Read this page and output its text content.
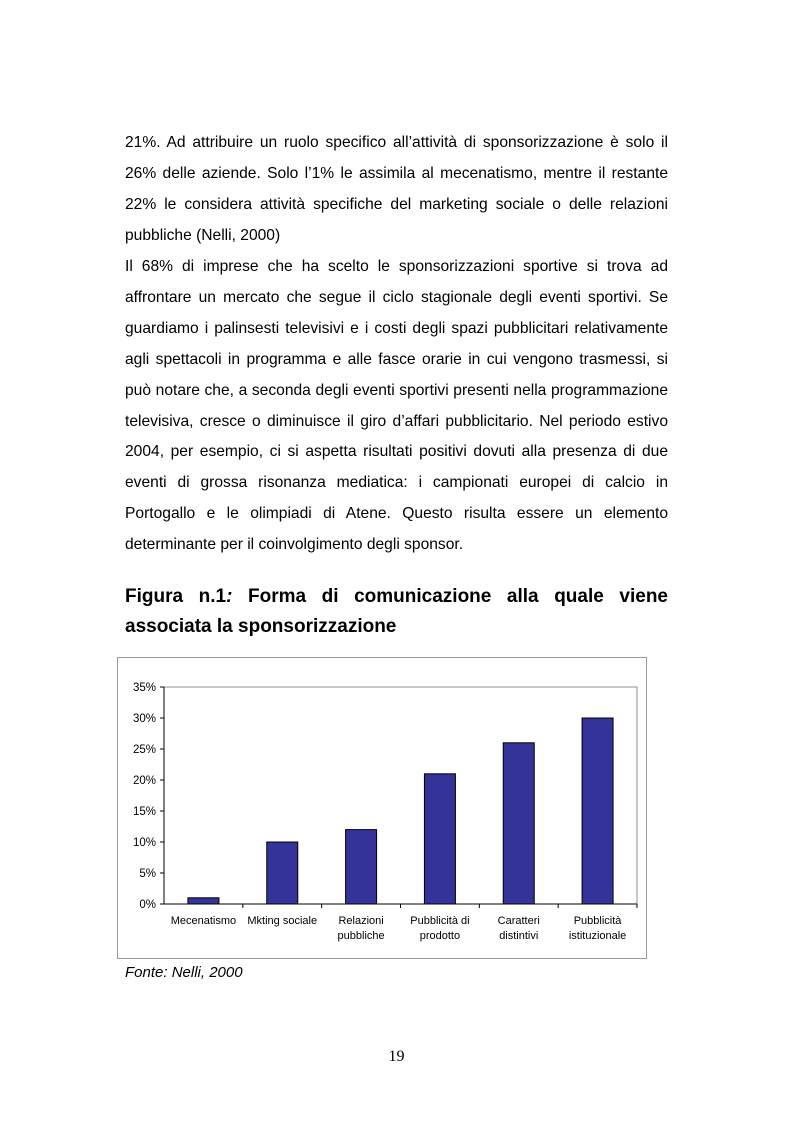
21%. Ad attribuire un ruolo specifico all’attività di sponsorizzazione è solo il 26% delle aziende. Solo l’1% le assimila al mecenatismo, mentre il restante 22% le considera attività specifiche del marketing sociale o delle relazioni pubbliche (Nelli, 2000)

Il 68% di imprese che ha scelto le sponsorizzazioni sportive si trova ad affrontare un mercato che segue il ciclo stagionale degli eventi sportivi. Se guardiamo i palinsesti televisivi e i costi degli spazi pubblicitari relativamente agli spettacoli in programma e alle fasce orarie in cui vengono trasmessi, si può notare che, a seconda degli eventi sportivi presenti nella programmazione televisiva, cresce o diminuisce il giro d’affari pubblicitario. Nel periodo estivo 2004, per esempio, ci si aspetta risultati positivi dovuti alla presenza di due eventi di grossa risonanza mediatica: i campionati europei di calcio in Portogallo e le olimpiadi di Atene. Questo risulta essere un elemento determinante per il coinvolgimento degli sponsor.

Figura n.1: Forma di comunicazione alla quale viene associata la sponsorizzazione
0%
5%
10%
15%
20%
25%
30%
35%
Mecenatismo Mkting sociale Relazioni
pubbliche
Pubblicità di
prodotto
Caratteri
distintivi
Pubblicità
istituzionale

Fonte: Nelli, 2000

19
